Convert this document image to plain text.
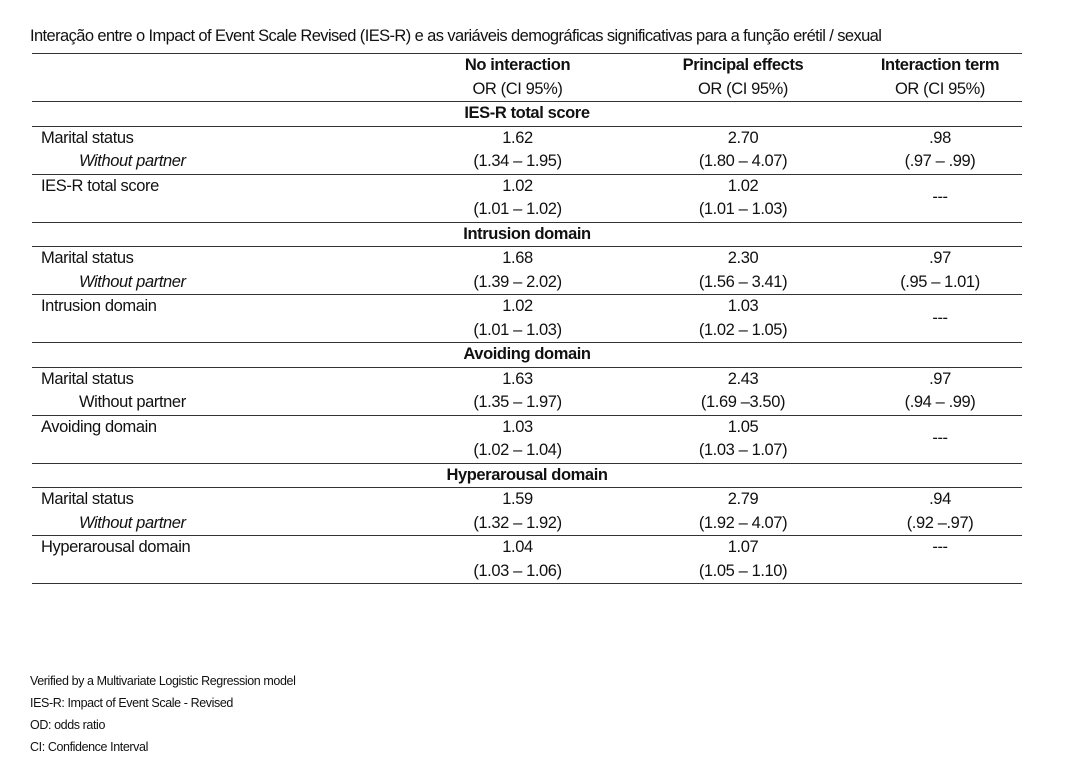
Interação entre o Impact of Event Scale Revised (IES-R) e as variáveis demográficas significativas para a função erétil / sexual
	No interaction	Principal effects	Interaction term
	OR (CI 95%)	OR (CI 95%)	OR (CI 95%)
IES-R total score			
Marital status	1.62	2.70	.98
Without partner	(1.34 – 1.95)	(1.80 – 4.07)	(.97 – .99)
IES-R total score	1.02	1.02	---
	(1.01 – 1.02)	(1.01 – 1.03)	
Intrusion domain			
Marital status	1.68	2.30	.97
Without partner	(1.39 – 2.02)	(1.56 – 3.41)	(.95 – 1.01)
Intrusion domain	1.02	1.03	---
	(1.01 – 1.03)	(1.02 – 1.05)	
Avoiding domain			
Marital status	1.63	2.43	.97
Without partner	(1.35 – 1.97)	(1.69 –3.50)	(.94 – .99)
Avoiding domain	1.03	1.05	---
	(1.02 – 1.04)	(1.03 – 1.07)	
Hyperarousal domain			
Marital status	1.59	2.79	.94
Without partner	(1.32 – 1.92)	(1.92 – 4.07)	(.92 –.97)
Hyperarousal domain	1.04	1.07	---
	(1.03 – 1.06)	(1.05 – 1.10)	
Verified by a Multivariate Logistic Regression model
IES-R: Impact of Event Scale - Revised
OD: odds ratio
CI: Confidence Interval
